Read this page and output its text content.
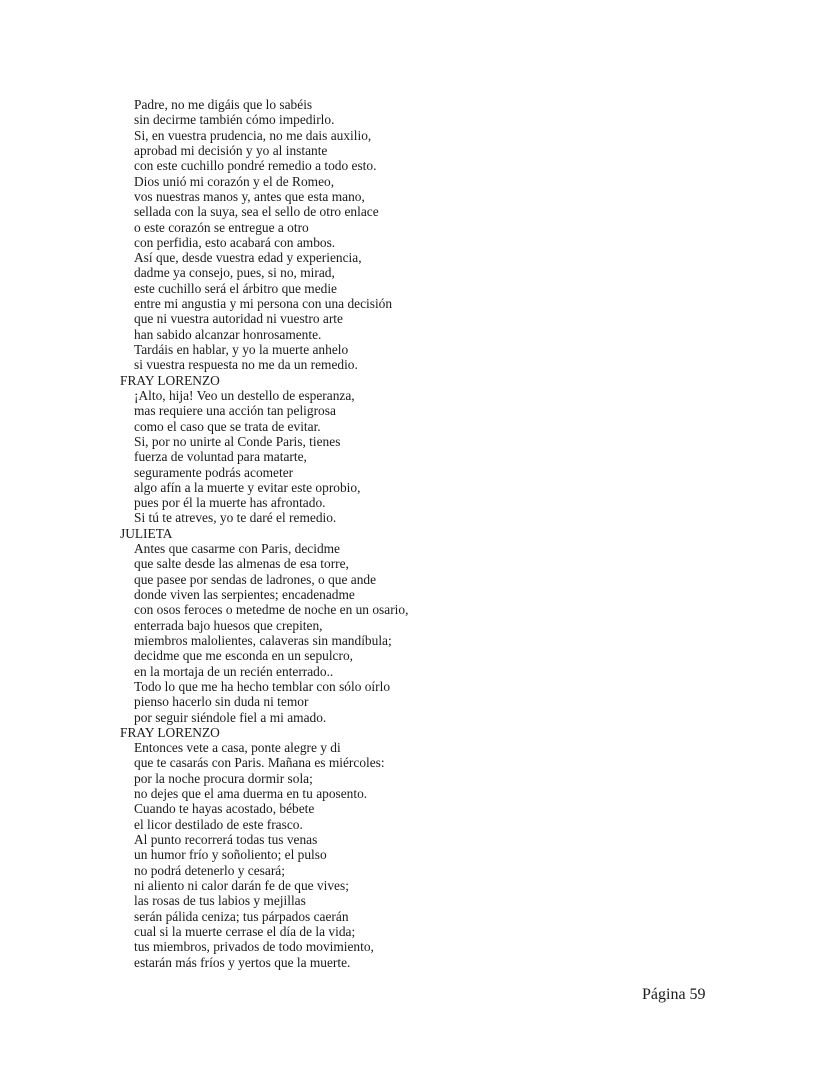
Padre, no me digáis que lo sabéis
sin decirme también cómo impedirlo.
Si, en vuestra prudencia, no me dais auxilio,
aprobad mi decisión y yo al instante
con este cuchillo pondré remedio a todo esto.
Dios unió mi corazón y el de Romeo,
vos nuestras manos y, antes que esta mano,
sellada con la suya, sea el sello de otro enlace
o este corazón se entregue a otro
con perfidia, esto acabará con ambos.
Así que, desde vuestra edad y experiencia,
dadme ya consejo, pues, si no, mirad,
este cuchillo será el árbitro que medie
entre mi angustia y mi persona con una decisión
que ni vuestra autoridad ni vuestro arte
han sabido alcanzar honrosamente.
Tardáis en hablar, y yo la muerte anhelo
si vuestra respuesta no me da un remedio.
FRAY LORENZO
¡Alto, hija! Veo un destello de esperanza,
mas requiere una acción tan peligrosa
como el caso que se trata de evitar.
Si, por no unirte al Conde Paris, tienes
fuerza de voluntad para matarte,
seguramente podrás acometer
algo afín a la muerte y evitar este oprobio,
pues por él la muerte has afrontado.
Si tú te atreves, yo te daré el remedio.
JULIETA
Antes que casarme con Paris, decidme
que salte desde las almenas de esa torre,
que pasee por sendas de ladrones, o que ande
donde viven las serpientes; encadenadme
con osos feroces o metedme de noche en un osario,
enterrada bajo huesos que crepiten,
miembros malolientes, calaveras sin mandíbula;
decidme que me esconda en un sepulcro,
en la mortaja de un recién enterrado..
Todo lo que me ha hecho temblar con sólo oírlo
pienso hacerlo sin duda ni temor
por seguir siéndole fiel a mi amado.
FRAY LORENZO
Entonces vete a casa, ponte alegre y di
que te casarás con Paris. Mañana es miércoles:
por la noche procura dormir sola;
no dejes que el ama duerma en tu aposento.
Cuando te hayas acostado, bébete
el licor destilado de este frasco.
Al punto recorrerá todas tus venas
un humor frío y soñoliento; el pulso
no podrá detenerlo y cesará;
ni aliento ni calor darán fe de que vives;
las rosas de tus labios y mejillas
serán pálida ceniza; tus párpados caerán
cual si la muerte cerrase el día de la vida;
tus miembros, privados de todo movimiento,
estarán más fríos y yertos que la muerte.
Página 59
